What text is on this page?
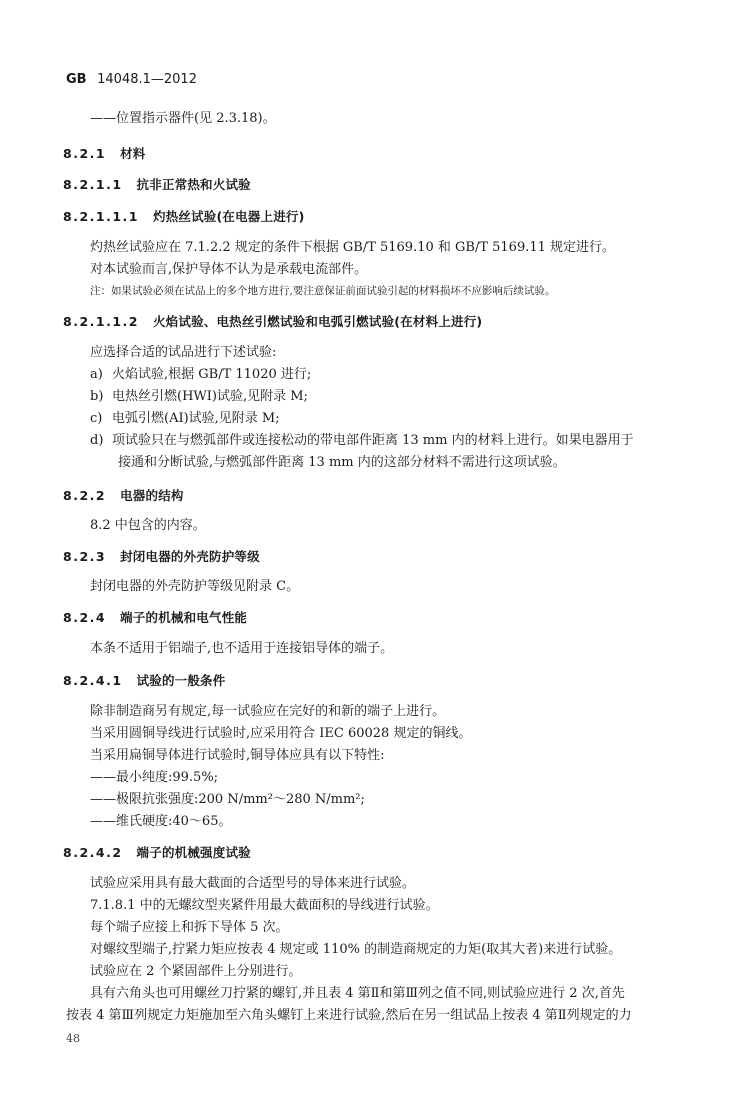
GB 14048.1—2012
——位置指示器件(见 2.3.18)。
8.2.1 材料
8.2.1.1 抗非正常热和火试验
8.2.1.1.1 灼热丝试验(在电器上进行)
灼热丝试验应在 7.1.2.2 规定的条件下根据 GB/T 5169.10 和 GB/T 5169.11 规定进行。
对本试验而言,保护导体不认为是承载电流部件。
注：如果试验必须在试品上的多个地方进行,要注意保证前面试验引起的材料损坏不应影响后续试验。
8.2.1.1.2 火焰试验、电热丝引燃试验和电弧引燃试验(在材料上进行)
应选择合适的试品进行下述试验:
a) 火焰试验,根据 GB/T 11020 进行;
b) 电热丝引燃(HWI)试验,见附录 M;
c) 电弧引燃(AI)试验,见附录 M;
d) 项试验只在与燃弧部件或连接松动的带电部件距离 13 mm 内的材料上进行。如果电器用于
接通和分断试验,与燃弧部件距离 13 mm 内的这部分材料不需进行这项试验。
8.2.2 电器的结构
8.2 中包含的内容。
8.2.3 封闭电器的外壳防护等级
封闭电器的外壳防护等级见附录 C。
8.2.4 端子的机械和电气性能
本条不适用于铝端子,也不适用于连接铝导体的端子。
8.2.4.1 试验的一般条件
除非制造商另有规定,每一试验应在完好的和新的端子上进行。
当采用圆铜导线进行试验时,应采用符合 IEC 60028 规定的铜线。
当采用扁铜导体进行试验时,铜导体应具有以下特性:
——最小纯度:99.5%;
——极限抗张强度:200 N/mm²～280 N/mm²;
——维氏硬度:40～65。
8.2.4.2 端子的机械强度试验
试验应采用具有最大截面的合适型号的导体来进行试验。
7.1.8.1 中的无螺纹型夹紧件用最大截面积的导线进行试验。
每个端子应接上和拆下导体 5 次。
对螺纹型端子,拧紧力矩应按表 4 规定或 110% 的制造商规定的力矩(取其大者)来进行试验。
试验应在 2 个紧固部件上分别进行。
具有六角头也可用螺丝刀拧紧的螺钉,并且表 4 第Ⅱ和第Ⅲ列之值不同,则试验应进行 2 次,首先
按表 4 第Ⅲ列规定力矩施加至六角头螺钉上来进行试验,然后在另一组试品上按表 4 第Ⅱ列规定的力
48
